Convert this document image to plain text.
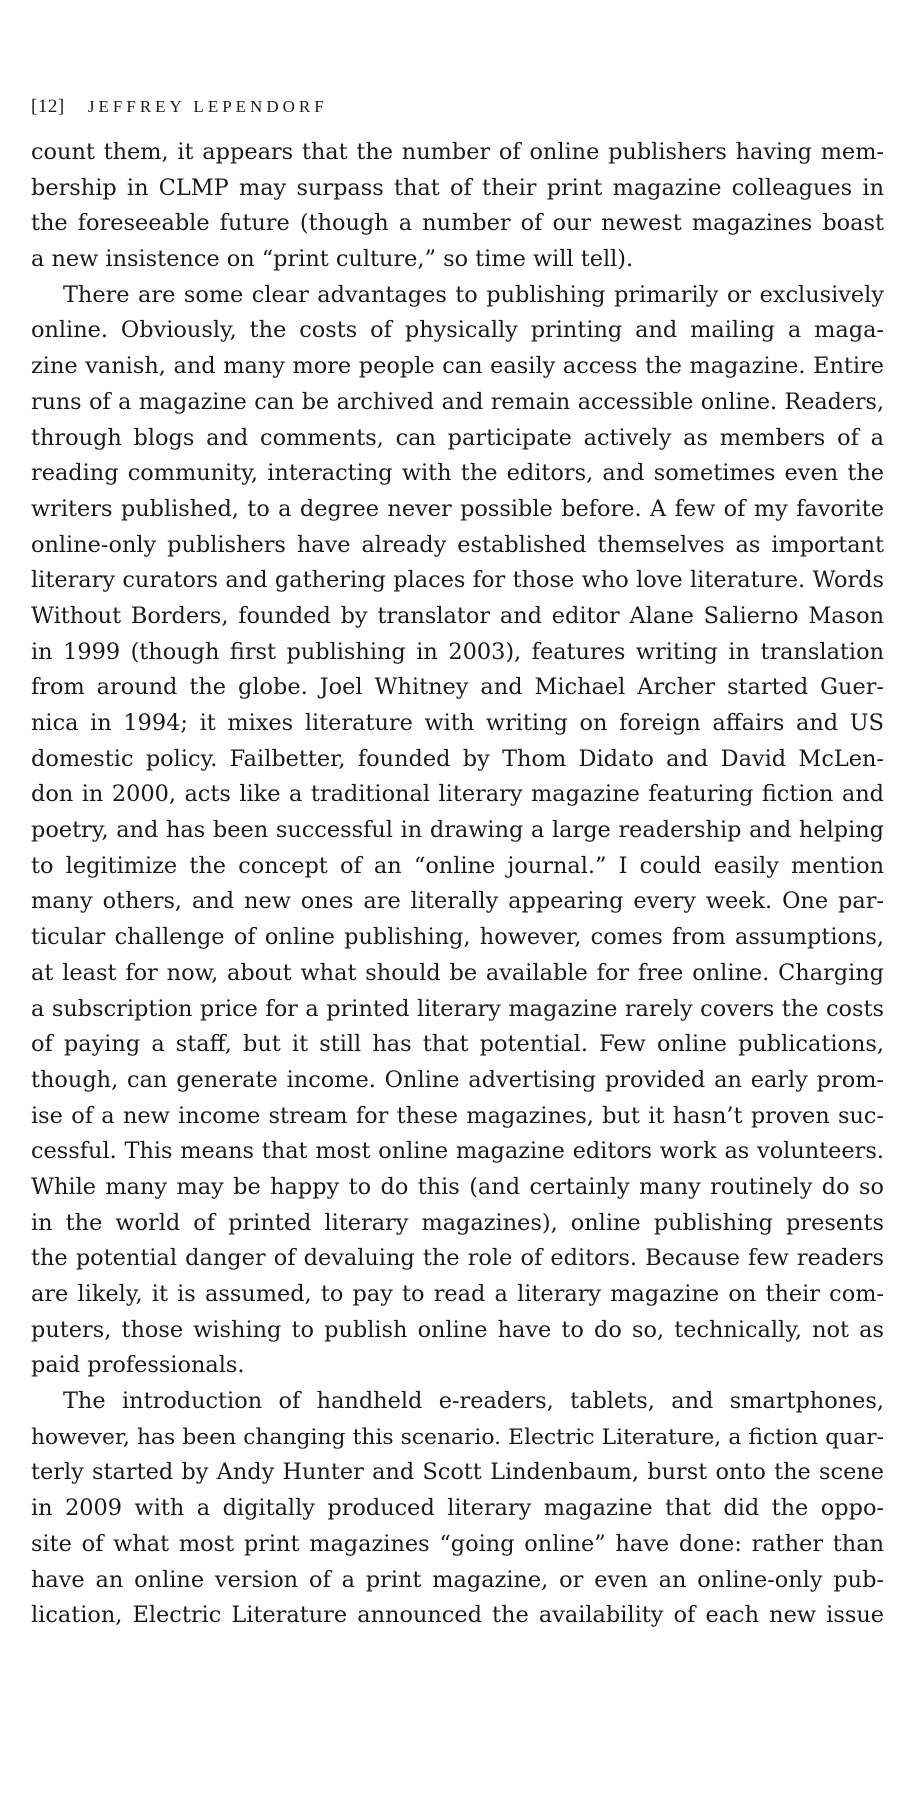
[12] JEFFREY LEPENDORF
count them, it appears that the number of online publishers having mem-
bership in CLMP may surpass that of their print magazine colleagues in
the foreseeable future (though a number of our newest magazines boast
a new insistence on “print culture,” so time will tell).
There are some clear advantages to publishing primarily or exclusively
online. Obviously, the costs of physically printing and mailing a maga-
zine vanish, and many more people can easily access the magazine. Entire
runs of a magazine can be archived and remain accessible online. Readers,
through blogs and comments, can participate actively as members of a
reading community, interacting with the editors, and sometimes even the
writers published, to a degree never possible before. A few of my favorite
online-only publishers have already established themselves as important
literary curators and gathering places for those who love literature. Words
Without Borders, founded by translator and editor Alane Salierno Mason
in 1999 (though first publishing in 2003), features writing in translation
from around the globe. Joel Whitney and Michael Archer started Guer-
nica in 1994; it mixes literature with writing on foreign affairs and US
domestic policy. Failbetter, founded by Thom Didato and David McLen-
don in 2000, acts like a traditional literary magazine featuring fiction and
poetry, and has been successful in drawing a large readership and helping
to legitimize the concept of an “online journal.” I could easily mention
many others, and new ones are literally appearing every week. One par-
ticular challenge of online publishing, however, comes from assumptions,
at least for now, about what should be available for free online. Charging
a subscription price for a printed literary magazine rarely covers the costs
of paying a staff, but it still has that potential. Few online publications,
though, can generate income. Online advertising provided an early prom-
ise of a new income stream for these magazines, but it hasn’t proven suc-
cessful. This means that most online magazine editors work as volunteers.
While many may be happy to do this (and certainly many routinely do so
in the world of printed literary magazines), online publishing presents
the potential danger of devaluing the role of editors. Because few readers
are likely, it is assumed, to pay to read a literary magazine on their com-
puters, those wishing to publish online have to do so, technically, not as
paid professionals.
The introduction of handheld e-readers, tablets, and smartphones,
however, has been changing this scenario. Electric Literature, a fiction quar-
terly started by Andy Hunter and Scott Lindenbaum, burst onto the scene
in 2009 with a digitally produced literary magazine that did the oppo-
site of what most print magazines “going online” have done: rather than
have an online version of a print magazine, or even an online-only pub-
lication, Electric Literature announced the availability of each new issue
